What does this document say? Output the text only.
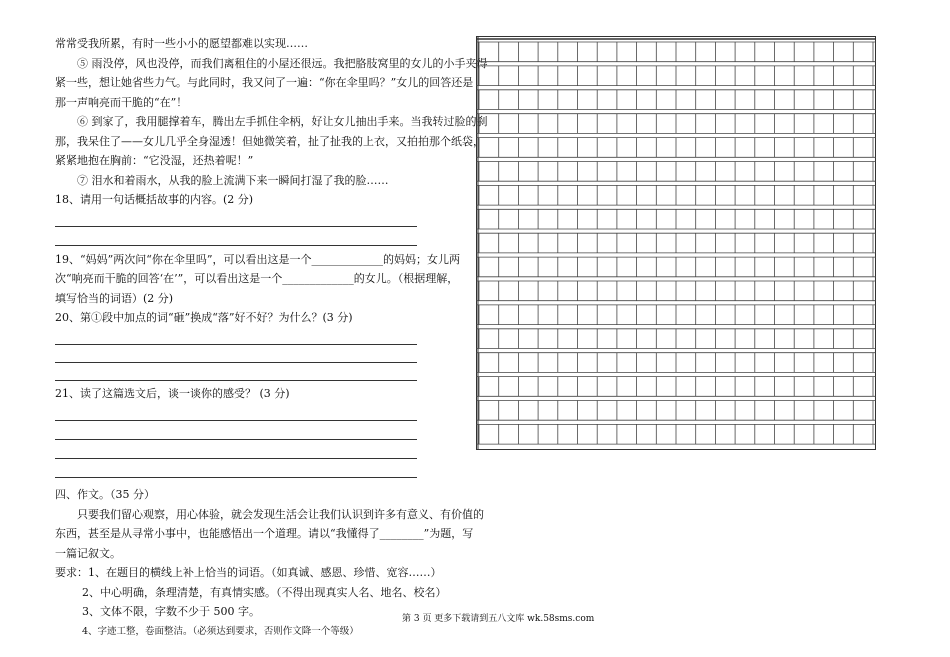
常常受我所累，有时一些小小的愿望都难以实现……
⑤ 雨没停，风也没停，而我们离租住的小屋还很远。我把胳肢窝里的女儿的小手夹得
紧一些，想让她省些力气。与此同时，我又问了一遍：“你在伞里吗？”女儿的回答还是
那一声响亮而干脆的“在”！
⑥ 到家了，我用腿撑着车，腾出左手抓住伞柄，好让女儿抽出手来。当我转过脸的刹
那，我呆住了——女儿几乎全身湿透！但她微笑着，扯了扯我的上衣，又拍拍那个纸袋，
紧紧地抱在胸前：“它没湿，还热着呢！”
⑦ 泪水和着雨水，从我的脸上流满下来一瞬间打湿了我的脸……
18、请用一句话概括故事的内容。(2 分)
19、“妈妈”两次问“你在伞里吗”，可以看出这是一个_____________的妈妈；女儿两
次“响亮而干脆的回答‘在’”，可以看出这是一个_____________的女儿。（根据理解，
填写恰当的词语）(2 分)
20、第①段中加点的词“砸”换成“落”好不好？为什么？(3 分)
21、读了这篇选文后，谈一谈你的感受？ (3 分)
四、作文。（35 分）
只要我们留心观察，用心体验，就会发现生活会让我们认识到许多有意义、有价值的
东西，甚至是从寻常小事中，也能感悟出一个道理。请以“我懂得了________”为题，写
一篇记叙文。
要求：1、在题目的横线上补上恰当的词语。（如真诚、感恩、珍惜、宽容……）
2、中心明确，条理清楚，有真情实感。（不得出现真实人名、地名、校名）
3、文体不限，字数不少于 500 字。
4、字迹工整，卷面整洁。（必须达到要求，否则作文降一个等级）
第 3 页 更多下载请到五八文库 wk.58sms.com
